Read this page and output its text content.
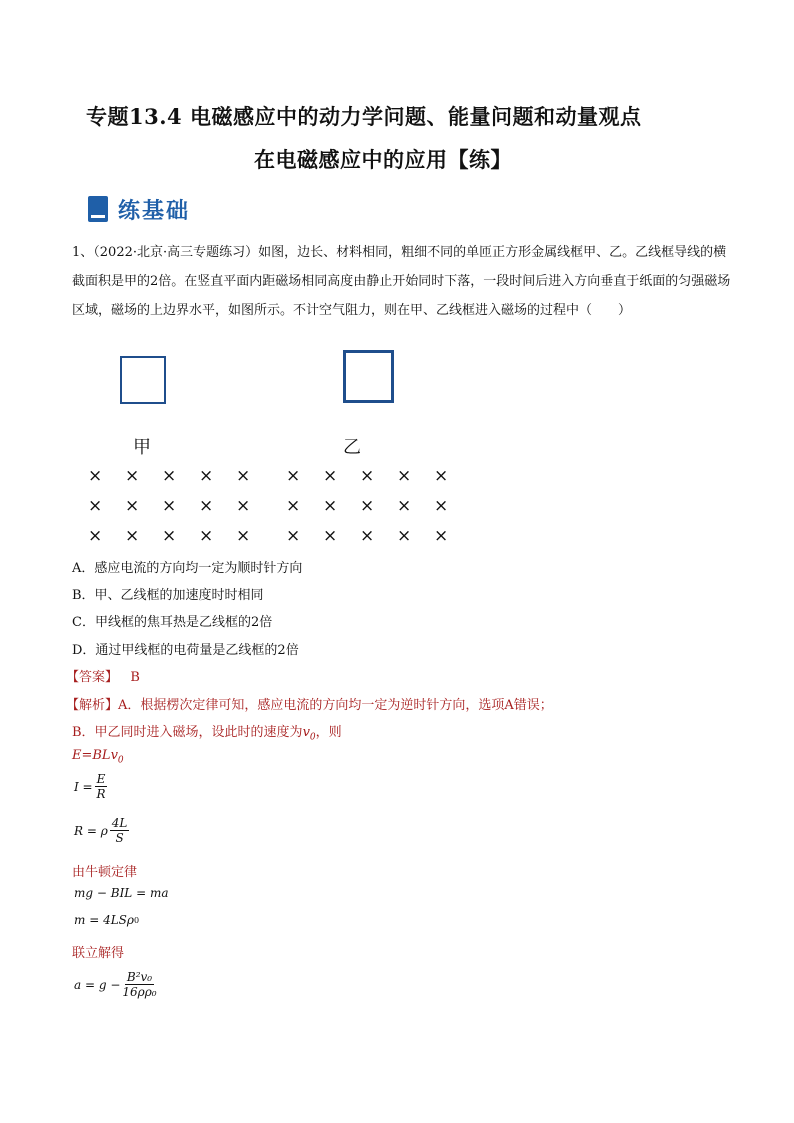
专题13.4 电磁感应中的动力学问题、能量问题和动量观点
在电磁感应中的应用【练】
练基础
1、（2022·北京·高三专题练习）如图，边长、材料相同，粗细不同的单匝正方形金属线框甲、乙。乙线框导线的横截面积是甲的2倍。在竖直平面内距磁场相同高度由静止开始同时下落，一段时间后进入方向垂直于纸面的匀强磁场区域，磁场的上边界水平，如图所示。不计空气阻力，则在甲、乙线框进入磁场的过程中（　　）
甲	乙
× × × × × × × × × ×
× × × × × × × × × ×
× × × × × × × × × ×
A．感应电流的方向均一定为顺时针方向
B．甲、乙线框的加速度时时相同
C．甲线框的焦耳热是乙线框的2倍
D．通过甲线框的电荷量是乙线框的2倍
【答案】 B
【解析】A．根据楞次定律可知，感应电流的方向均一定为逆时针方向，选项A错误；
B．甲乙同时进入磁场，设此时的速度为$v_0$，则
E=BLv$_0$
$I = \frac{E}{R}$
R = ρ $\frac{4L}{S}$
由牛顿定律
mg − BIL = ma
m = 4LSρ 0
联立解得
$a = g - \frac{\text{B²v₀}}{\text{16ρρ₀}}$
